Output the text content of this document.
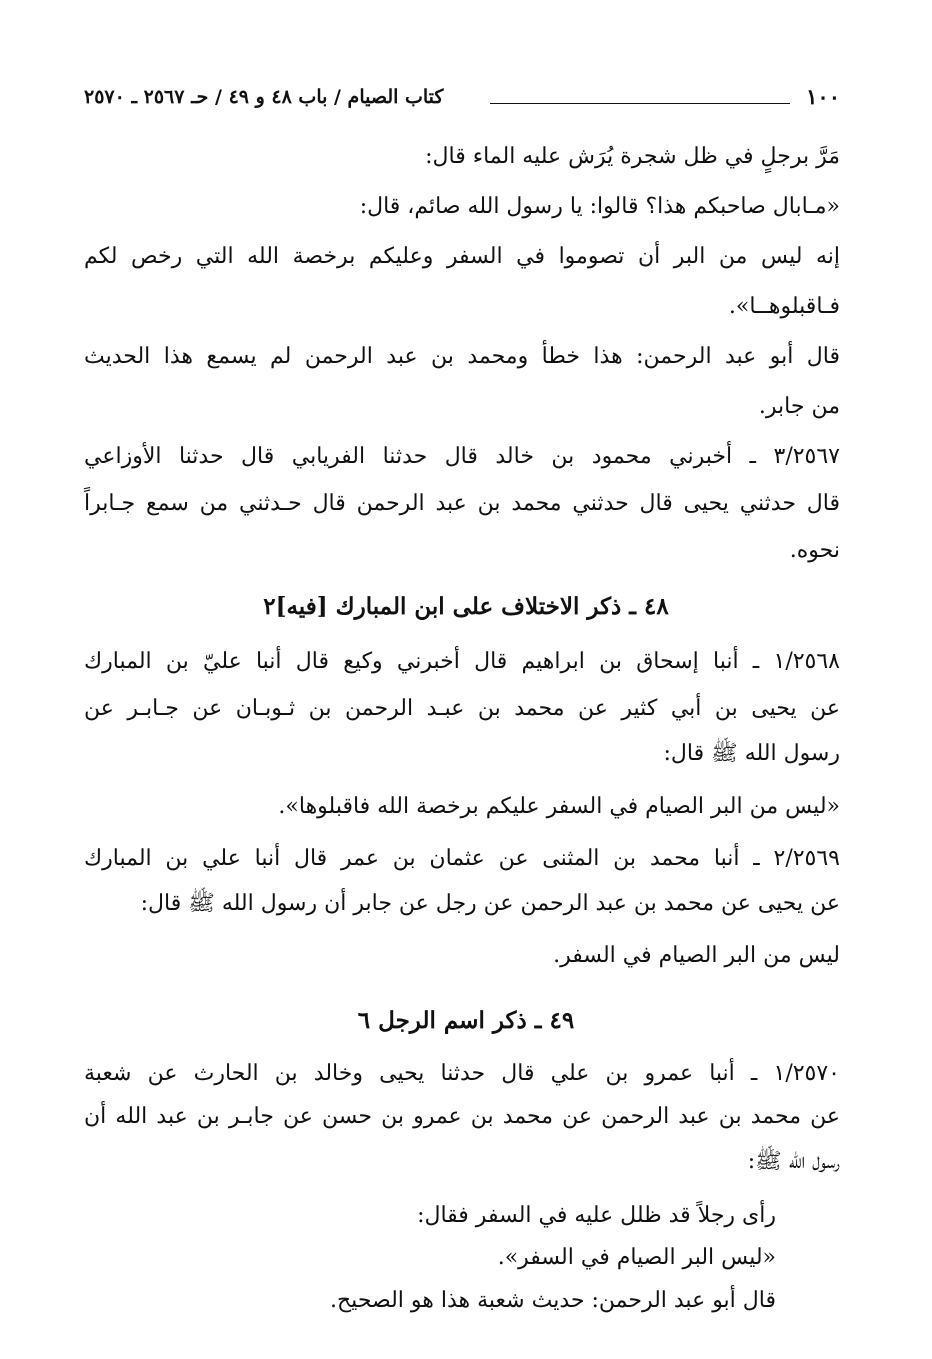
١٠٠
كتاب الصيام / باب ٤٨ و ٤٩ / حـ ٢٥٦٧ ـ ٢٥٧٠

مَرَّ برجلٍ في ظل شجرة يُرَش عليه الماء قال:

«مـابال صاحبكم هذا؟ قالوا: يا رسول الله صائم، قال:

إنه ليس من البر أن تصوموا في السفر وعليكم برخصة الله التي رخص لكم

فـاقبلوهــا».

قال أبو عبد الرحمن: هذا خطأ ومحمد بن عبد الرحمن لم يسمع هذا الحديث

من جابر.

٣/٢٥٦٧ ـ أخبرني محمود بن خالد قال حدثنا الفريابي قال حدثنا الأوزاعي

قال حدثني يحيى قال حدثني محمد بن عبد الرحمن قال حـدثني من سمع جـابراً

نحوه.

٤٨ ـ ذكر الاختلاف على ابن المبارك [فيه]٢

١/٢٥٦٨ ـ أنبا إسحاق بن ابراهيم قال أخبرني وكيع قال أنبا عليّ بن المبارك

عن يحيى بن أبي كثير عن محمد بن عبـد الرحمن بن ثـوبـان عن جـابـر عن

رسول الله ﷺ قال:

«ليس من البر الصيام في السفر عليكم برخصة الله فاقبلوها».

٢/٢٥٦٩ ـ أنبا محمد بن المثنى عن عثمان بن عمر قال أنبا علي بن المبارك

عن يحيى عن محمد بن عبد الرحمن عن رجل عن جابر أن رسول الله ﷺ قال:

ليس من البر الصيام في السفر.

٤٩ ـ ذكر اسم الرجل ٦

١/٢٥٧٠ ـ أنبا عمرو بن علي قال حدثنا يحيى وخالد بن الحارث عن شعبة

عن محمد بن عبد الرحمن عن محمد بن عمرو بن حسن عن جابـر بن عبد الله أن

رسول الله ﷺ:

رأى رجلاً قد ظلل عليه في السفر فقال:

«ليس البر الصيام في السفر».

قال أبو عبد الرحمن: حديث شعبة هذا هو الصحيح.
